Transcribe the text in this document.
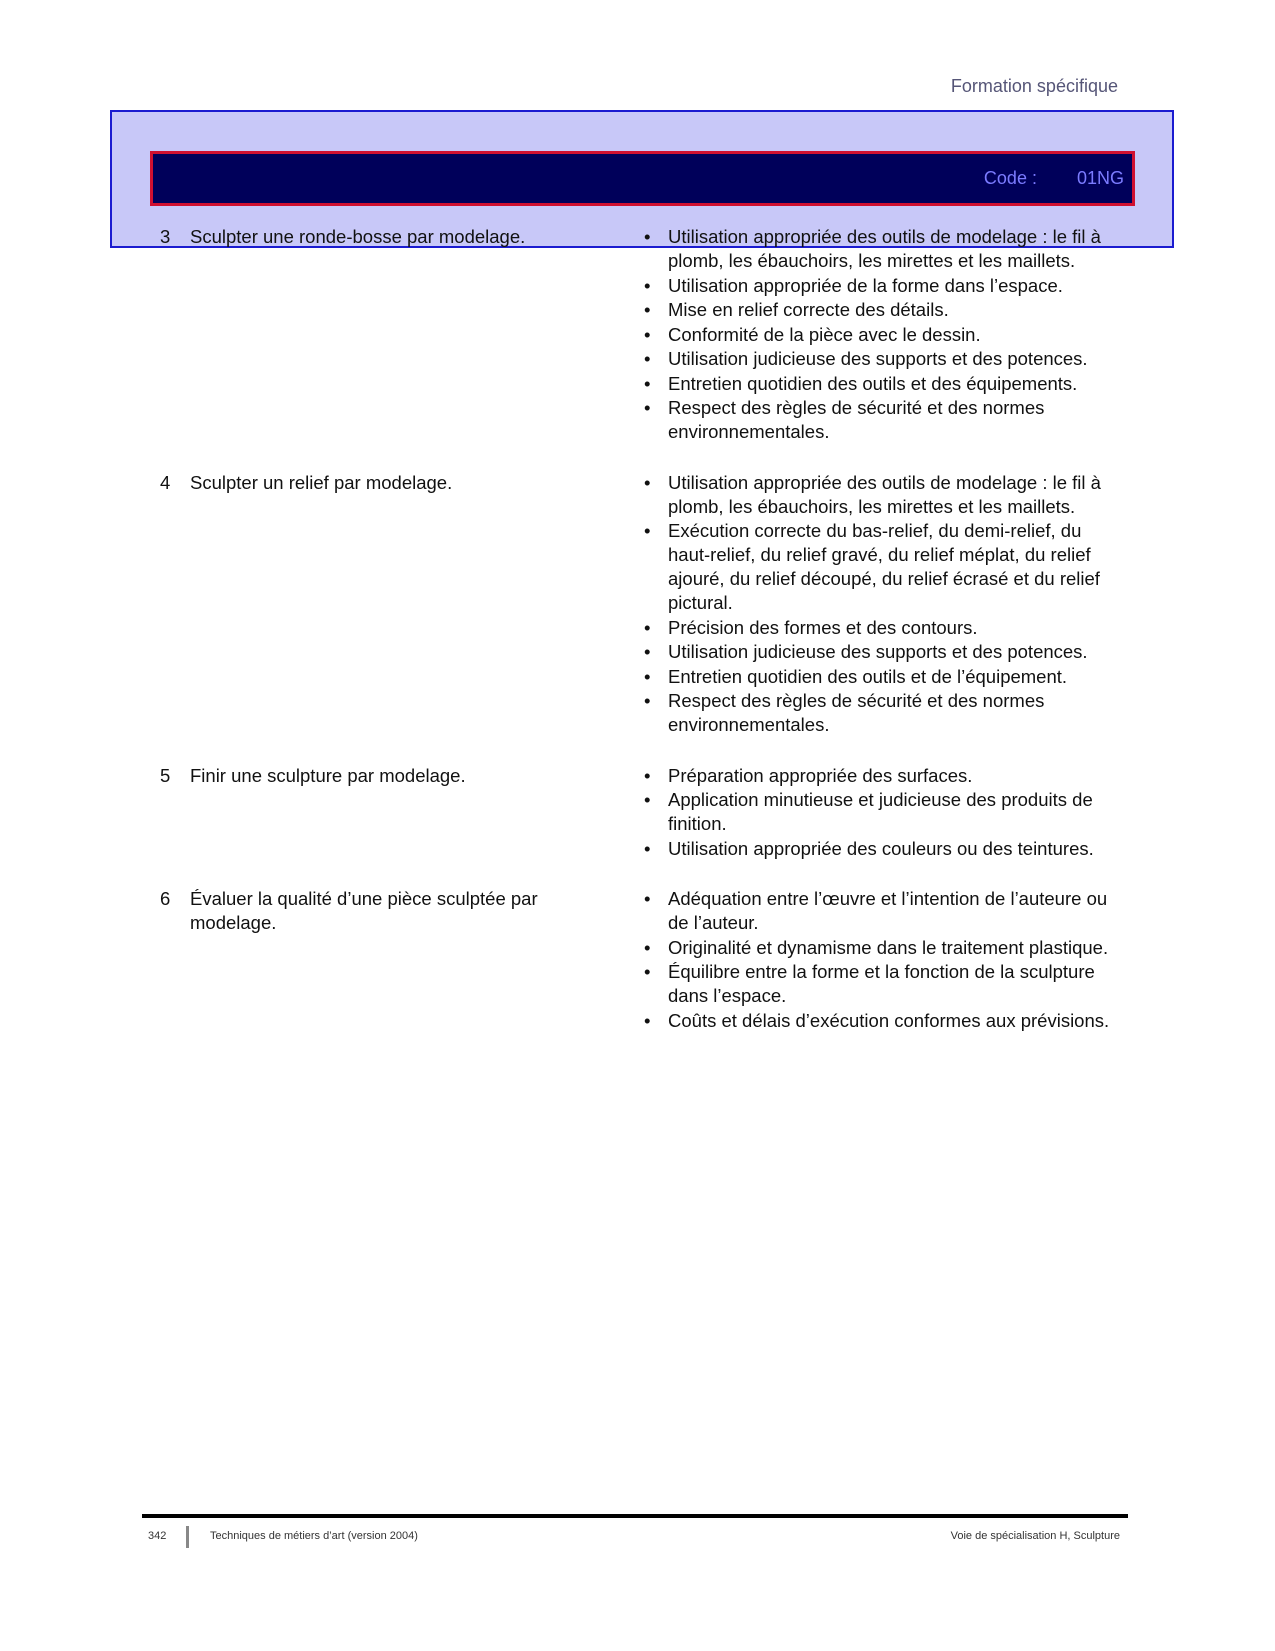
Formation spécifique
Code : 01NG
3	Sculpter une ronde-bosse par modelage.	• Utilisation appropriée des outils de modelage : le fil à plomb, les ébauchoirs, les mirettes et les maillets.
• Utilisation appropriée de la forme dans l’espace.
• Mise en relief correcte des détails.
• Conformité de la pièce avec le dessin.
• Utilisation judicieuse des supports et des potences.
• Entretien quotidien des outils et des équipements.
• Respect des règles de sécurité et des normes environnementales.
4	Sculpter un relief par modelage.	• Utilisation appropriée des outils de modelage : le fil à plomb, les ébauchoirs, les mirettes et les maillets.
• Exécution correcte du bas-relief, du demi-relief, du haut-relief, du relief gravé, du relief méplat, du relief ajouré, du relief découpé, du relief écrasé et du relief pictural.
• Précision des formes et des contours.
• Utilisation judicieuse des supports et des potences.
• Entretien quotidien des outils et de l’équipement.
• Respect des règles de sécurité et des normes environnementales.
5	Finir une sculpture par modelage.	• Préparation appropriée des surfaces.
• Application minutieuse et judicieuse des produits de finition.
• Utilisation appropriée des couleurs ou des teintures.
6	Évaluer la qualité d’une pièce sculptée par modelage.
• Adéquation entre l’œuvre et l’intention de l’auteure ou de l’auteur.
• Originalité et dynamisme dans le traitement plastique.
• Équilibre entre la forme et la fonction de la sculpture dans l’espace.
• Coûts et délais d’exécution conformes aux prévisions.
342	Techniques de métiers d’art (version 2004)	Voie de spécialisation H, Sculpture
